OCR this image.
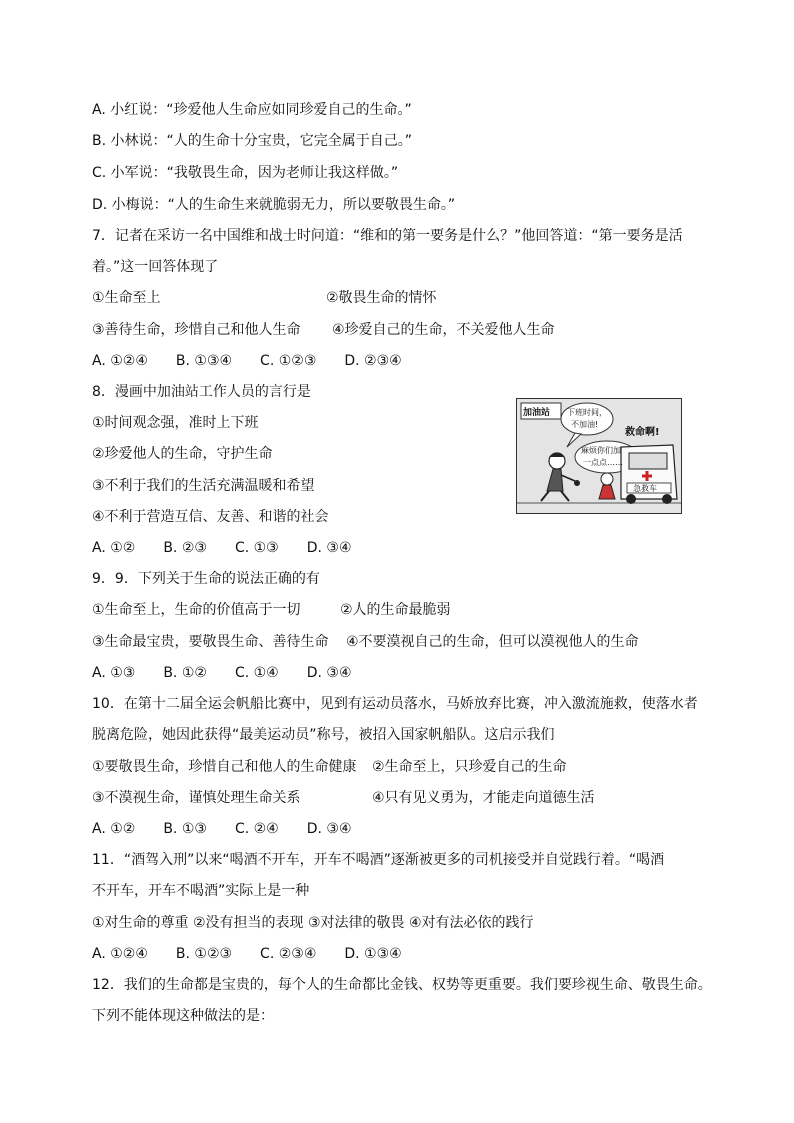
A. 小红说：“珍爱他人生命应如同珍爱自己的生命。”
B. 小林说：“人的生命十分宝贵，它完全属于自己。”
C. 小军说：“我敬畏生命，因为老师让我这样做。”
D. 小梅说：“人的生命生来就脆弱无力，所以要敬畏生命。”
7．记者在采访一名中国维和战士时问道：“维和的第一要务是什么？”他回答道：“第一要务是活
着。”这一回答体现了
①生命至上	②敬畏生命的情怀
③善待生命，珍惜自己和他人生命 ④珍爱自己的生命，不关爱他人生命
A. ①②④　　B. ①③④　　C. ①②③　　D. ②③④
8．漫画中加油站工作人员的言行是
①时间观念强，准时上下班
②珍爱他人的生命，守护生命
③不利于我们的生活充满温暖和希望
④不利于营造互信、友善、和谐的社会
A. ①②　　B. ②③　　C. ①③　　D. ③④
9．9．下列关于生命的说法正确的有
①生命至上，生命的价值高于一切	②人的生命最脆弱
③生命最宝贵，要敬畏生命、善待生命 ④不要漠视自己的生命，但可以漠视他人的生命
A. ①③　　B. ①②　　C. ①④　　D. ③④
10．在第十二届全运会帆船比赛中，见到有运动员落水，马娇放弃比赛，冲入激流施救，使落水者
脱离危险，她因此获得“最美运动员”称号，被招入国家帆船队。这启示我们
①要敬畏生命，珍惜自己和他人的生命健康 ②生命至上，只珍爱自己的生命
③不漠视生命，谨慎处理生命关系	④只有见义勇为，才能走向道德生活
A. ①②　　B. ①③　　C. ②④　　D. ③④
11．“酒驾入刑”以来“喝酒不开车，开车不喝酒”逐渐被更多的司机接受并自觉践行着。“喝酒
不开车，开车不喝酒”实际上是一种
①对生命的尊重 ②没有担当的表现 ③对法律的敬畏 ④对有法必依的践行
A. ①②④　　B. ①②③　　C. ②③④　　D. ①③④
12．我们的生命都是宝贵的，每个人的生命都比金钱、权势等更重要。我们要珍视生命、敬畏生命。
下列不能体现这种做法的是：
加油站 下班时间，
不加油!
麻烦你们加
一点点……
救命啊!
急救车
